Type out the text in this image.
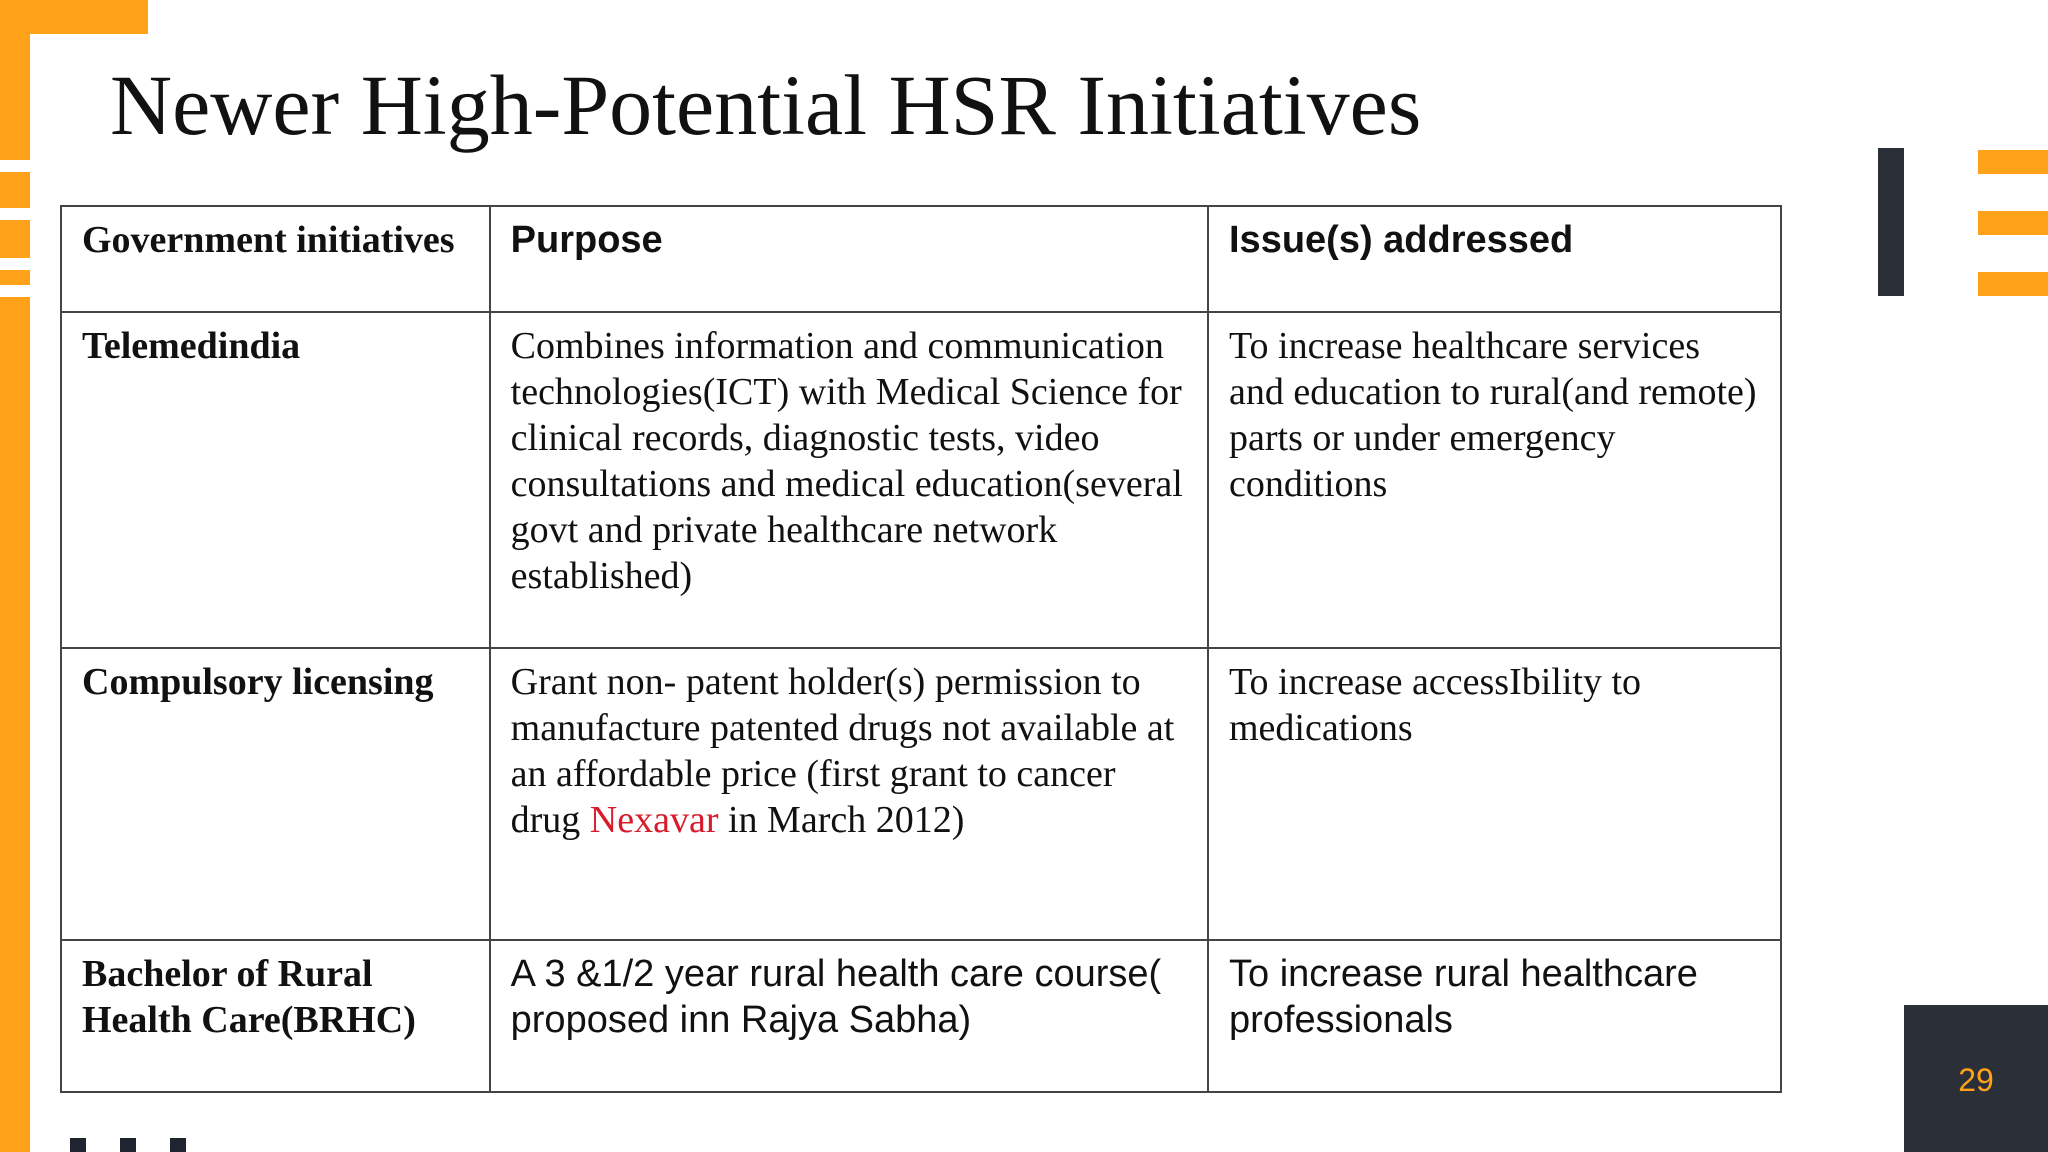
29
Newer High-Potential HSR Initiatives
Government initiatives	Purpose	Issue(s) addressed
Telemedindia	Combines information and communication technologies(ICT) with Medical Science for clinical records, diagnostic tests, video consultations and medical education(several govt and private healthcare network established)	To increase healthcare services and education to rural(and remote) parts or under emergency conditions
Compulsory licensing	Grant non- patent holder(s) permission to manufacture patented drugs not available at an affordable price (first grant to cancer drug Nexavar in March 2012)	To increase accessIbility to medications
Bachelor of Rural Health Care(BRHC)	A 3 &1/2 year rural health care course( proposed inn Rajya Sabha)	To increase rural healthcare professionals
